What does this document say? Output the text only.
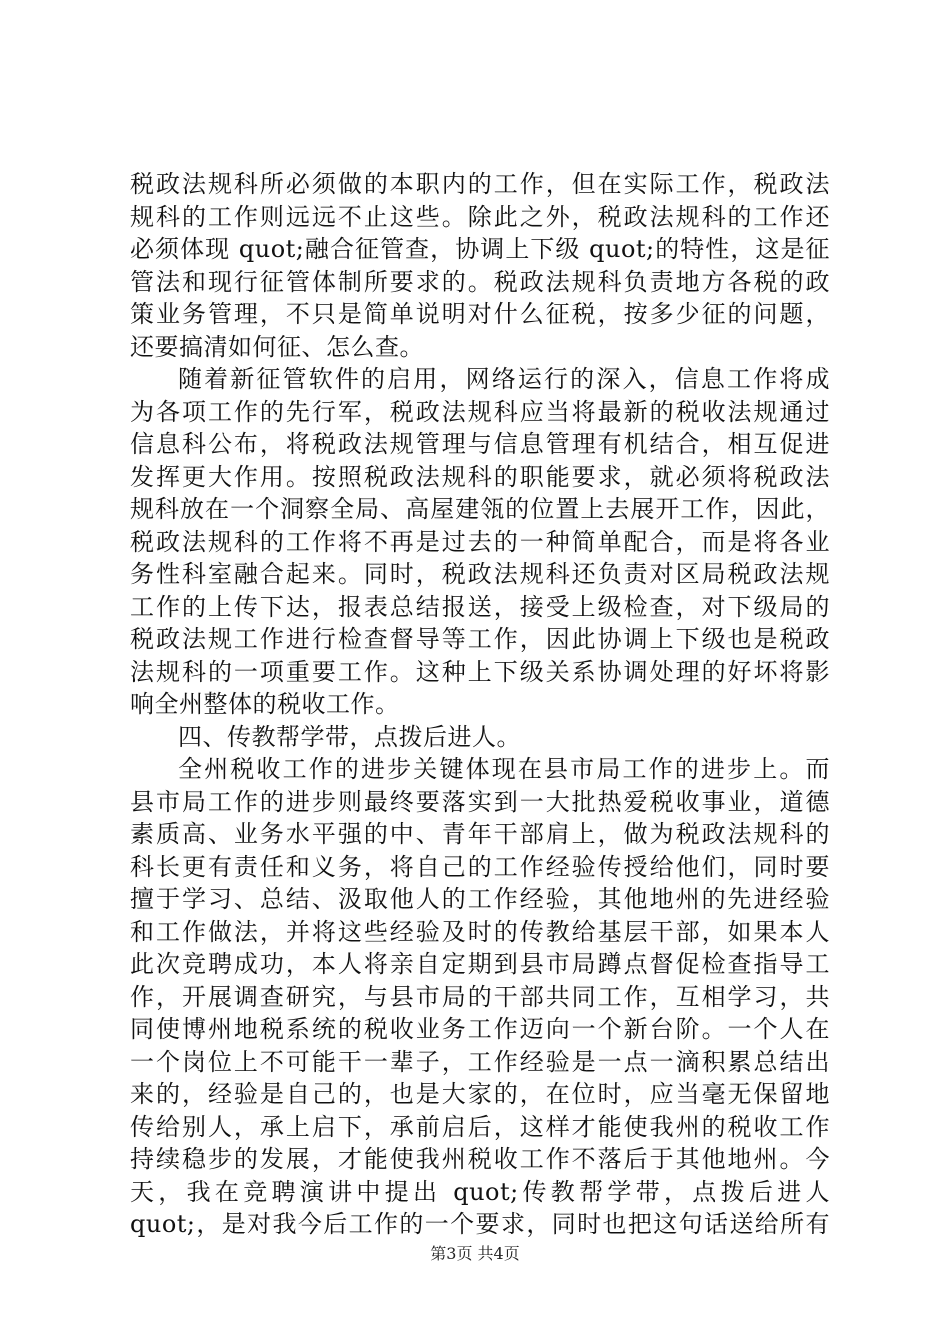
税政法规科所必须做的本职内的工作，但在实际工作，税政法
规科的工作则远远不止这些。除此之外，税政法规科的工作还
必须体现 quot;融合征管查，协调上下级 quot;的特性，这是征
管法和现行征管体制所要求的。税政法规科负责地方各税的政
策业务管理，不只是简单说明对什么征税，按多少征的问题，
还要搞清如何征、怎么查。
随着新征管软件的启用，网络运行的深入，信息工作将成
为各项工作的先行军，税政法规科应当将最新的税收法规通过
信息科公布，将税政法规管理与信息管理有机结合，相互促进
发挥更大作用。按照税政法规科的职能要求，就必须将税政法
规科放在一个洞察全局、高屋建瓴的位置上去展开工作，因此，
税政法规科的工作将不再是过去的一种简单配合，而是将各业
务性科室融合起来。同时，税政法规科还负责对区局税政法规
工作的上传下达，报表总结报送，接受上级检查，对下级局的
税政法规工作进行检查督导等工作，因此协调上下级也是税政
法规科的一项重要工作。这种上下级关系协调处理的好坏将影
响全州整体的税收工作。
四、传教帮学带，点拨后进人。
全州税收工作的进步关键体现在县市局工作的进步上。而
县市局工作的进步则最终要落实到一大批热爱税收事业，道德
素质高、业务水平强的中、青年干部肩上，做为税政法规科的
科长更有责任和义务，将自己的工作经验传授给他们，同时要
擅于学习、总结、汲取他人的工作经验，其他地州的先进经验
和工作做法，并将这些经验及时的传教给基层干部，如果本人
此次竞聘成功，本人将亲自定期到县市局蹲点督促检查指导工
作，开展调查研究，与县市局的干部共同工作，互相学习，共
同使博州地税系统的税收业务工作迈向一个新台阶。一个人在
一个岗位上不可能干一辈子，工作经验是一点一滴积累总结出
来的，经验是自己的，也是大家的，在位时，应当毫无保留地
传给别人，承上启下，承前启后，这样才能使我州的税收工作
持续稳步的发展，才能使我州税收工作不落后于其他地州。今
天，我在竞聘演讲中提出 quot;传教帮学带，点拨后进人
quot;，是对我今后工作的一个要求，同时也把这句话送给所有
第3页 共4页
